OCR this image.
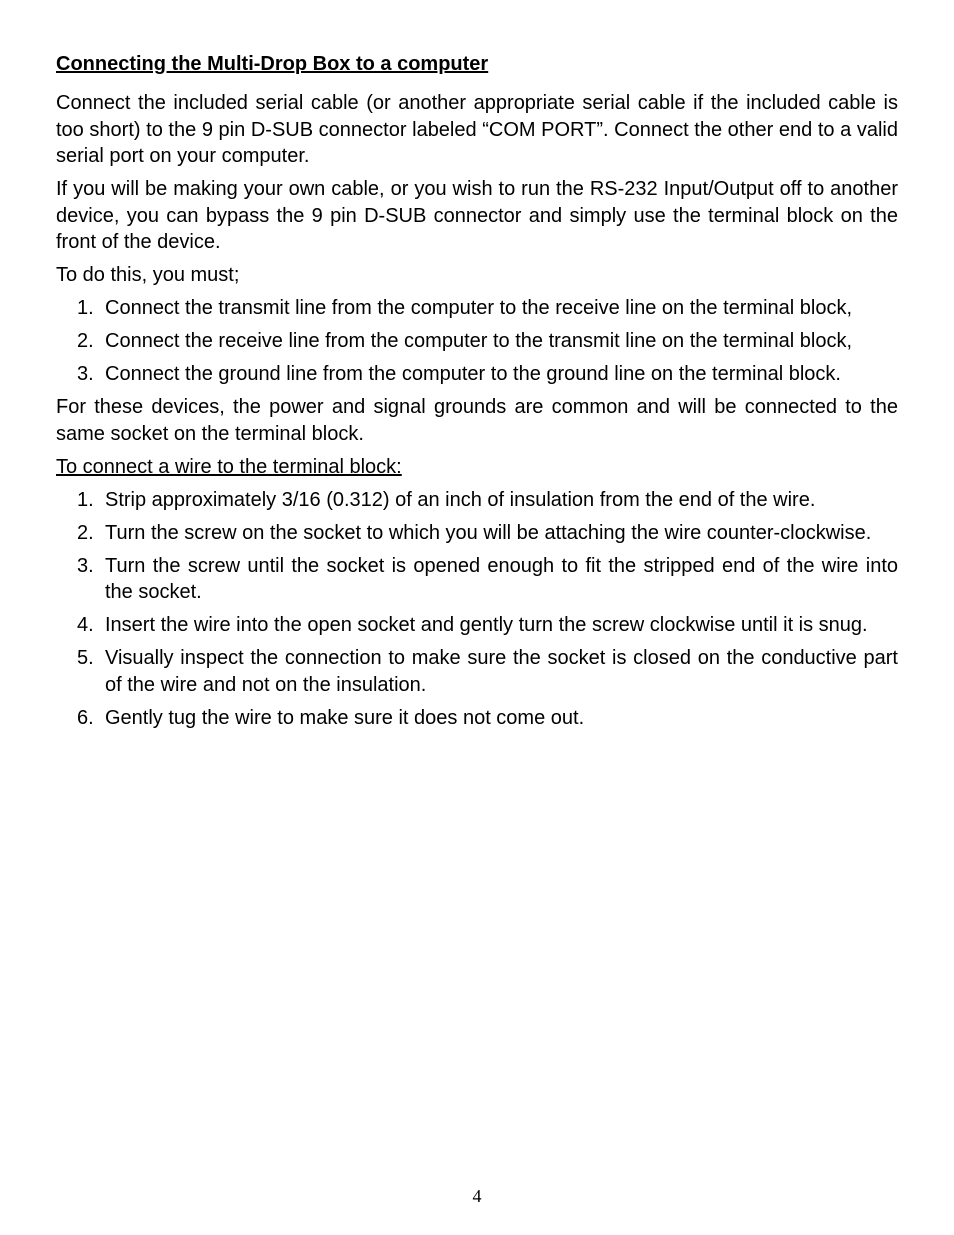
Connecting the Multi-Drop Box to a computer

Connect the included serial cable (or another appropriate serial cable if the included cable is too short) to the 9 pin D-SUB connector labeled “COM PORT”. Connect the other end to a valid serial port on your computer.

If you will be making your own cable, or you wish to run the RS-232 Input/Output off to another device, you can bypass the 9 pin D-SUB connector and simply use the terminal block on the front of the device.

To do this, you must;

1. Connect the transmit line from the computer to the receive line on the terminal block,
2. Connect the receive line from the computer to the transmit line on the terminal block,
3. Connect the ground line from the computer to the ground line on the terminal block.

For these devices, the power and signal grounds are common and will be connected to the same socket on the terminal block.

To connect a wire to the terminal block:
1. Strip approximately 3/16 (0.312) of an inch of insulation from the end of the wire.
2. Turn the screw on the socket to which you will be attaching the wire counter-clockwise.
3. Turn the screw until the socket is opened enough to fit the stripped end of the wire into the socket.
4. Insert the wire into the open socket and gently turn the screw clockwise until it is snug.
5. Visually inspect the connection to make sure the socket is closed on the conductive part of the wire and not on the insulation.
6. Gently tug the wire to make sure it does not come out.
4
